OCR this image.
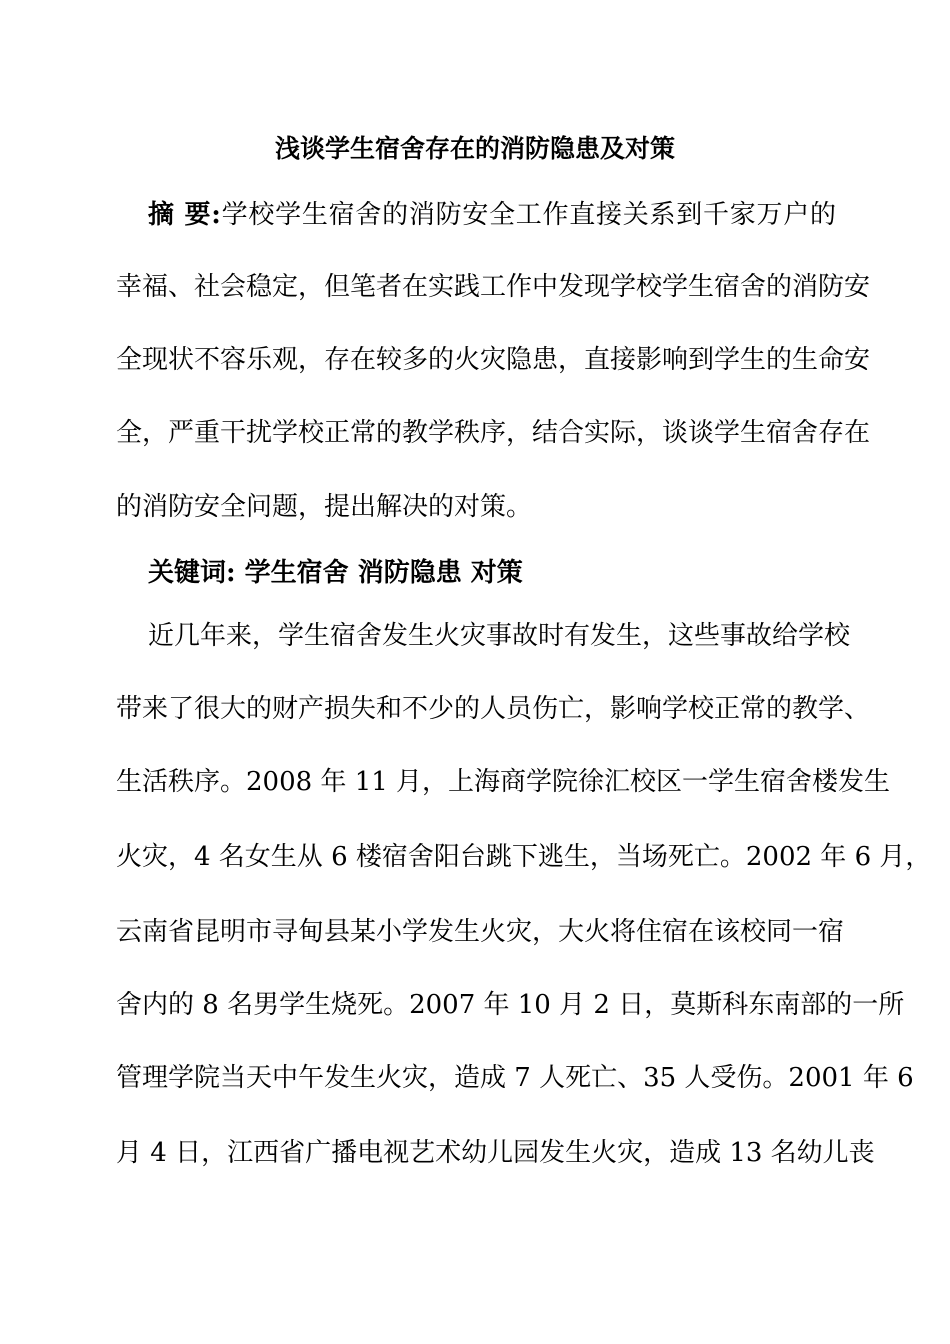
浅谈学生宿舍存在的消防隐患及对策
摘 要:学校学生宿舍的消防安全工作直接关系到千家万户的
幸福、社会稳定，但笔者在实践工作中发现学校学生宿舍的消防安
全现状不容乐观，存在较多的火灾隐患，直接影响到学生的生命安
全，严重干扰学校正常的教学秩序，结合实际，谈谈学生宿舍存在
的消防安全问题，提出解决的对策。
关键词: 学生宿舍 消防隐患 对策
近几年来，学生宿舍发生火灾事故时有发生，这些事故给学校
带来了很大的财产损失和不少的人员伤亡，影响学校正常的教学、
生活秩序。2008 年 11 月，上海商学院徐汇校区一学生宿舍楼发生
火灾，4 名女生从 6 楼宿舍阳台跳下逃生，当场死亡。2002 年 6 月，
云南省昆明市寻甸县某小学发生火灾，大火将住宿在该校同一宿
舍内的 8 名男学生烧死。2007 年 10 月 2 日，莫斯科东南部的一所
管理学院当天中午发生火灾，造成 7 人死亡、35 人受伤。2001 年 6
月 4 日，江西省广播电视艺术幼儿园发生火灾，造成 13 名幼儿丧
